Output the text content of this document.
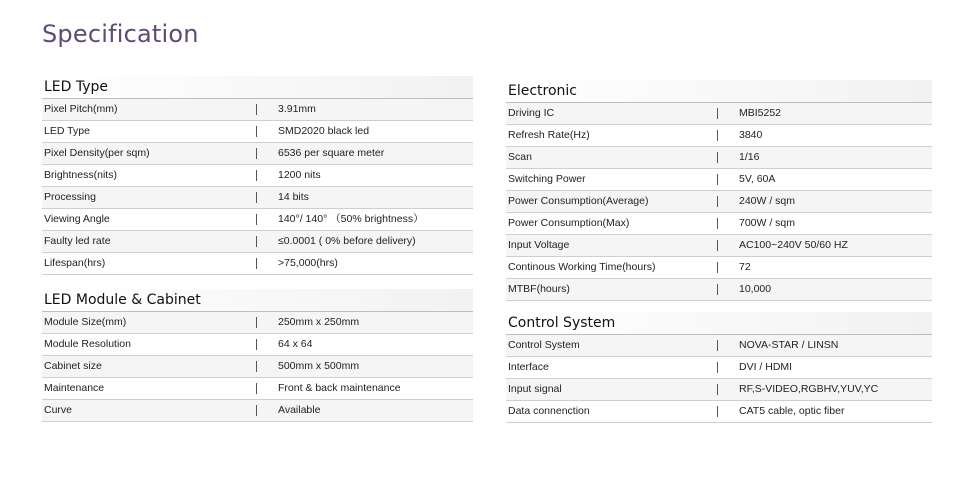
Specification
LED Type
Pixel Pitch(mm)	3.91mm
LED Type	SMD2020 black led
Pixel Density(per sqm)	6536 per square meter
Brightness(nits)	1200 nits
Processing	14 bits
Viewing Angle	140°/ 140° （50% brightness）
Faulty led rate	≤0.0001 ( 0% before delivery)
Lifespan(hrs)	>75,000(hrs)
LED Module & Cabinet
Module Size(mm)	250mm x 250mm
Module Resolution	64 x 64
Cabinet size	500mm x 500mm
Maintenance	Front & back maintenance
Curve	Available
Electronic
Driving IC	MBI5252
Refresh Rate(Hz)	3840
Scan	1/16
Switching Power	5V, 60A
Power Consumption(Average)	240W / sqm
Power Consumption(Max)	700W / sqm
Input Voltage	AC100~240V 50/60 HZ
Continous Working Time(hours)	72
MTBF(hours)	10,000
Control System
Control System	NOVA-STAR / LINSN
Interface	DVI / HDMI
Input signal	RF,S-VIDEO,RGBHV,YUV,YC
Data connenction	CAT5 cable, optic fiber
